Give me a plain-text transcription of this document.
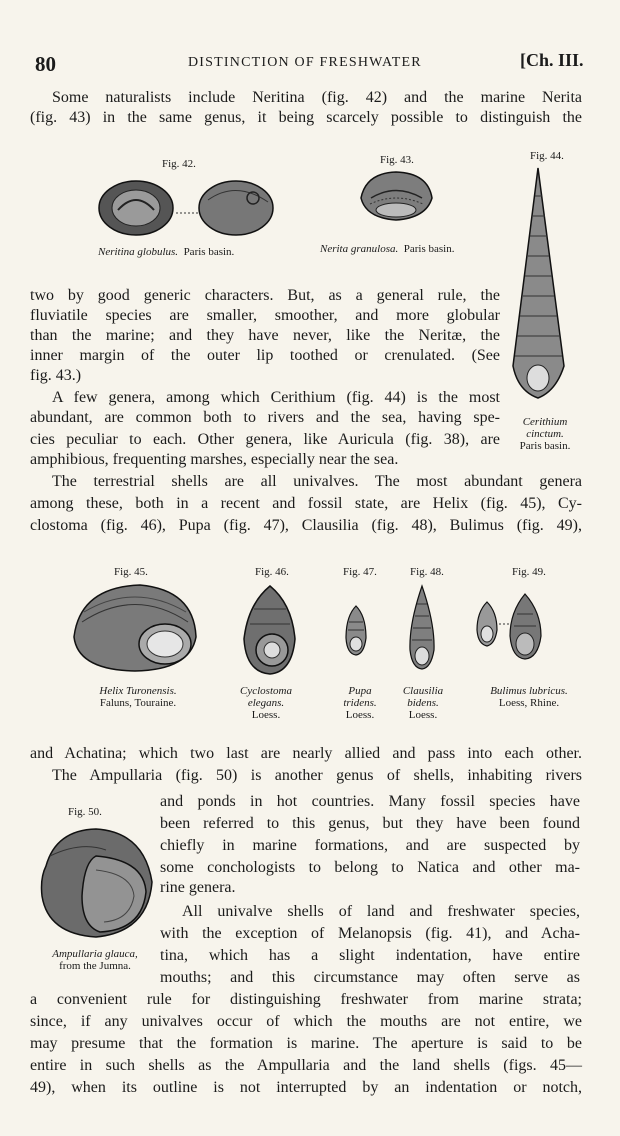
80	DISTINCTION OF FRESHWATER	[Ch. III.
Some naturalists include Neritina (fig. 42) and the marine Nerita
(fig. 43) in the same genus, it being scarcely possible to distinguish the
Fig. 42.
Neritina globulus. Paris basin.
Fig. 43.
Nerita granulosa. Paris basin.
Fig. 44.
Cerithium
cinctum.
Paris basin.
two by good generic characters. But, as a general rule, the
fluviatile species are smaller, smoother, and more globular
than the marine; and they have never, like the Neritæ, the
inner margin of the outer lip toothed or crenulated. (See
fig. 43.)
A few genera, among which Cerithium (fig. 44) is the most
abundant, are common both to rivers and the sea, having spe-
cies peculiar to each. Other genera, like Auricula (fig. 38), are
amphibious, frequenting marshes, especially near the sea.
The terrestrial shells are all univalves. The most abundant genera
among these, both in a recent and fossil state, are Helix (fig. 45), Cy-
clostoma (fig. 46), Pupa (fig. 47), Clausilia (fig. 48), Bulimus (fig. 49),
Fig. 45.	Fig. 46.	Fig. 47.	Fig. 48.	Fig. 49.
Helix Turonensis.
Faluns, Touraine.
Cyclostoma
elegans.
Loess.
Pupa
tridens.
Loess.
Clausilia
bidens.
Loess.
Bulimus lubricus.
Loess, Rhine.
and Achatina; which two last are nearly allied and pass into each other.
The Ampullaria (fig. 50) is another genus of shells, inhabiting rivers
Fig. 50.
Ampullaria glauca,
from the Jumna.
and ponds in hot countries. Many fossil species have
been referred to this genus, but they have been found
chiefly in marine formations, and are suspected by
some conchologists to belong to Natica and other ma-
rine genera.
All univalve shells of land and freshwater species,
with the exception of Melanopsis (fig. 41), and Acha-
tina, which has a slight indentation, have entire
mouths; and this circumstance may often serve as
a convenient rule for distinguishing freshwater from marine strata;
since, if any univalves occur of which the mouths are not entire, we
may presume that the formation is marine. The aperture is said to be
entire in such shells as the Ampullaria and the land shells (figs. 45—
49), when its outline is not interrupted by an indentation or notch,
